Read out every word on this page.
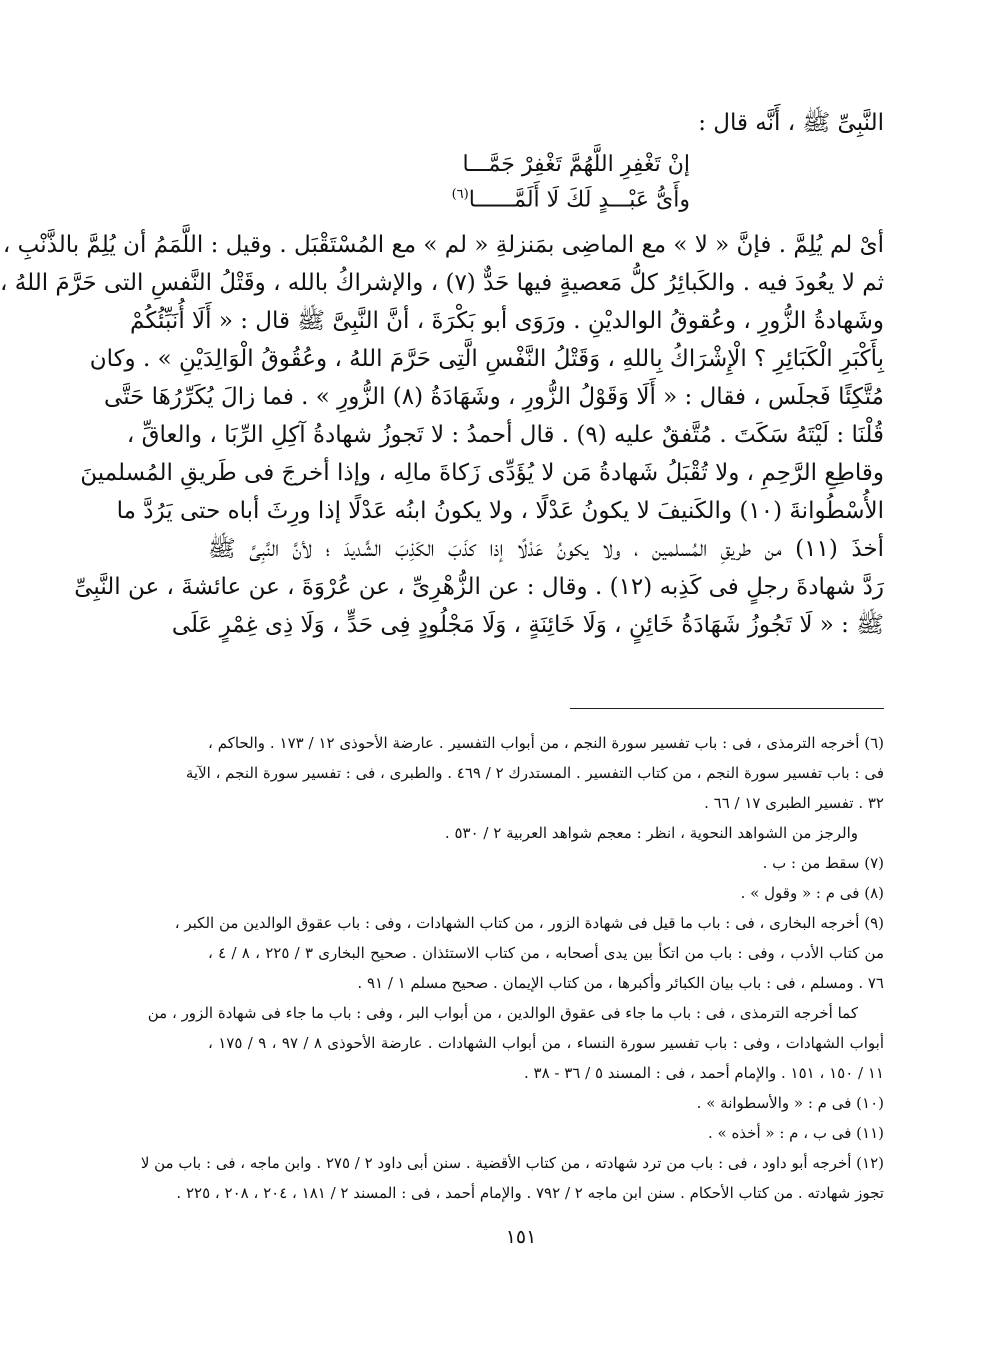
النَّبِىِّ ﷺ ، أَنَّه قال :
إنْ تَغْفِرِ اللَّهُمَّ تَغْفِرْ جَمَّـــا
وأَىُّ عَبْـــدٍ لَكَ لَا أَلَمَّــــــا$^{(٦)}$
أىْ لم يُلِمَّ . فإنَّ « لا » مع الماضِى بمَنزلةِ « لم » مع المُسْتَقْبَل . وقيل : اللَّمَمُ أن يُلِمَّ بالذَّنْبِ ،
ثم لا يعُودَ فيه . والكَبائِرُ كلُّ مَعصيةٍ فيها حَدٌّ (٧) ، والإشراكُ بالله ، وقَتْلُ النَّفسِ التى حَرَّمَ اللهُ ،
وشَهادةُ الزُّورِ ، وعُقوقُ الوالديْنِ . ورَوَى أبو بَكْرَةَ ، أنَّ النَّبِىَّ ﷺ قال : « أَلَا أُنَبِّئُكُمْ
بِأَكْبَرِ الْكَبَائِرِ ؟ الْإِشْرَاكُ بِاللهِ ، وَقَتْلُ النَّفْسِ الَّتِى حَرَّمَ اللهُ ، وعُقُوقُ الْوَالِدَيْنِ » . وكان
مُتَّكِئًا فَجلَس ، فقال : « أَلَا وَقَوْلُ الزُّورِ ، وشَهَادَةُ (٨) الزُّورِ » . فما زالَ يُكَرِّرُهَا حَتَّى
قُلْنَا : لَيْتَهُ سَكَتَ . مُتَّفقٌ عليه (٩) . قال أحمدُ : لا تَجوزُ شهادةُ آكِلِ الرِّبَا ، والعاقِّ ،
وقاطِعِ الرَّحِمِ ، ولا تُقْبَلُ شَهادةُ مَن لا يُؤَدِّى زَكاةَ مالِه ، وإذا أخرجَ فى طَريقِ المُسلمينَ
الأُسْطُوانةَ (١٠) والكَنيفَ لا يكونُ عَدْلًا ، ولا يكونُ ابنُه عَدْلًا إذا ورِثَ أباه حتى يَرُدَّ ما
أخذَ (١١) من طريقِ المُسلمين ، ولا يكونُ عَدْلًا إذا كذَبَ الكَذِبَ الشَّديدَ ؛ لأنَّ النَّبِىَّ ﷺ
رَدَّ شهادةَ رجلٍ فى كَذِبه (١٢) . وقال : عن الزُّهْرِىِّ ، عن عُرْوَةَ ، عن عائشةَ ، عن النَّبِىِّ
ﷺ : « لَا تَجُوزُ شَهَادَةُ خَائِنٍ ، وَلَا خَائِنَةٍ ، وَلَا مَجْلُودٍ فِى حَدٍّ ، وَلَا ذِى غِمْرٍ عَلَى
(٦) أخرجه الترمذى ، فى : باب تفسير سورة النجم ، من أبواب التفسير . عارضة الأحوذى ١٢ / ١٧٣ . والحاكم ،
فى : باب تفسير سورة النجم ، من كتاب التفسير . المستدرك ٢ / ٤٦٩ . والطبرى ، فى : تفسير سورة النجم ، الآية
٣٢ . تفسير الطبرى ١٧ / ٦٦ .
والرجز من الشواهد النحوية ، انظر : معجم شواهد العربية ٢ / ٥٣٠ .
(٧) سقط من : ب .
(٨) فى م : « وقول » .
(٩) أخرجه البخارى ، فى : باب ما قيل فى شهادة الزور ، من كتاب الشهادات ، وفى : باب عقوق الوالدين من الكبر ،
من كتاب الأدب ، وفى : باب من اتكأ بين يدى أصحابه ، من كتاب الاستئذان . صحيح البخارى ٣ / ٢٢٥ ، ٨ / ٤ ،
٧٦ . ومسلم ، فى : باب بيان الكبائر وأكبرها ، من كتاب الإيمان . صحيح مسلم ١ / ٩١ .
كما أخرجه الترمذى ، فى : باب ما جاء فى عقوق الوالدين ، من أبواب البر ، وفى : باب ما جاء فى شهادة الزور ، من
أبواب الشهادات ، وفى : باب تفسير سورة النساء ، من أبواب الشهادات . عارضة الأحوذى ٨ / ٩٧ ، ٩ / ١٧٥ ،
١١ / ١٥٠ ، ١٥١ . والإمام أحمد ، فى : المسند ٥ / ٣٦ - ٣٨ .
(١٠) فى م : « والأسطوانة » .
(١١) فى ب ، م : « أخذه » .
(١٢) أخرجه أبو داود ، فى : باب من ترد شهادته ، من كتاب الأقضية . سنن أبى داود ٢ / ٢٧٥ . وابن ماجه ، فى : باب من لا
تجوز شهادته . من كتاب الأحكام . سنن ابن ماجه ٢ / ٧٩٢ . والإمام أحمد ، فى : المسند ٢ / ١٨١ ، ٢٠٤ ، ٢٠٨ ، ٢٢٥ .
١٥١
